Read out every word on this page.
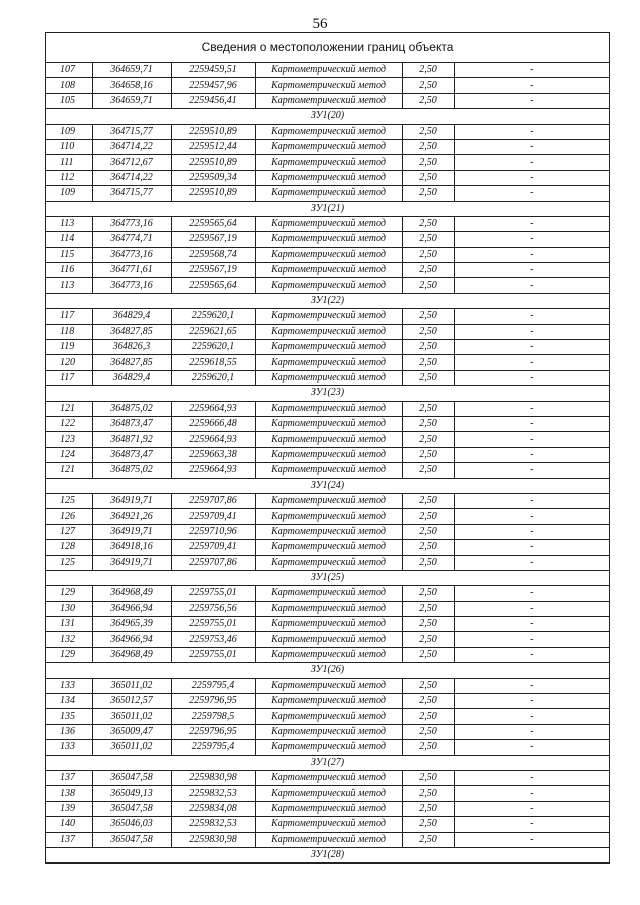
56
Сведения о местоположении границ объекта
107	364659,71	2259459,51	Картометрический метод	2,50	-
108	364658,16	2259457,96	Картометрический метод	2,50	-
105	364659,71	2259456,41	Картометрический метод	2,50	-
ЗУ1(20)					
109	364715,77	2259510,89	Картометрический метод	2,50	-
110	364714,22	2259512,44	Картометрический метод	2,50	-
111	364712,67	2259510,89	Картометрический метод	2,50	-
112	364714,22	2259509,34	Картометрический метод	2,50	-
109	364715,77	2259510,89	Картометрический метод	2,50	-
ЗУ1(21)					
113	364773,16	2259565,64	Картометрический метод	2,50	-
114	364774,71	2259567,19	Картометрический метод	2,50	-
115	364773,16	2259568,74	Картометрический метод	2,50	-
116	364771,61	2259567,19	Картометрический метод	2,50	-
113	364773,16	2259565,64	Картометрический метод	2,50	-
ЗУ1(22)					
117	364829,4	2259620,1	Картометрический метод	2,50	-
118	364827,85	2259621,65	Картометрический метод	2,50	-
119	364826,3	2259620,1	Картометрический метод	2,50	-
120	364827,85	2259618,55	Картометрический метод	2,50	-
117	364829,4	2259620,1	Картометрический метод	2,50	-
ЗУ1(23)					
121	364875,02	2259664,93	Картометрический метод	2,50	-
122	364873,47	2259666,48	Картометрический метод	2,50	-
123	364871,92	2259664,93	Картометрический метод	2,50	-
124	364873,47	2259663,38	Картометрический метод	2,50	-
121	364875,02	2259664,93	Картометрический метод	2,50	-
ЗУ1(24)					
125	364919,71	2259707,86	Картометрический метод	2,50	-
126	364921,26	2259709,41	Картометрический метод	2,50	-
127	364919,71	2259710,96	Картометрический метод	2,50	-
128	364918,16	2259709,41	Картометрический метод	2,50	-
125	364919,71	2259707,86	Картометрический метод	2,50	-
ЗУ1(25)					
129	364968,49	2259755,01	Картометрический метод	2,50	-
130	364966,94	2259756,56	Картометрический метод	2,50	-
131	364965,39	2259755,01	Картометрический метод	2,50	-
132	364966,94	2259753,46	Картометрический метод	2,50	-
129	364968,49	2259755,01	Картометрический метод	2,50	-
ЗУ1(26)					
133	365011,02	2259795,4	Картометрический метод	2,50	-
134	365012,57	2259796,95	Картометрический метод	2,50	-
135	365011,02	2259798,5	Картометрический метод	2,50	-
136	365009,47	2259796,95	Картометрический метод	2,50	-
133	365011,02	2259795,4	Картометрический метод	2,50	-
ЗУ1(27)					
137	365047,58	2259830,98	Картометрический метод	2,50	-
138	365049,13	2259832,53	Картометрический метод	2,50	-
139	365047,58	2259834,08	Картометрический метод	2,50	-
140	365046,03	2259832,53	Картометрический метод	2,50	-
137	365047,58	2259830,98	Картометрический метод	2,50	-
ЗУ1(28)					
